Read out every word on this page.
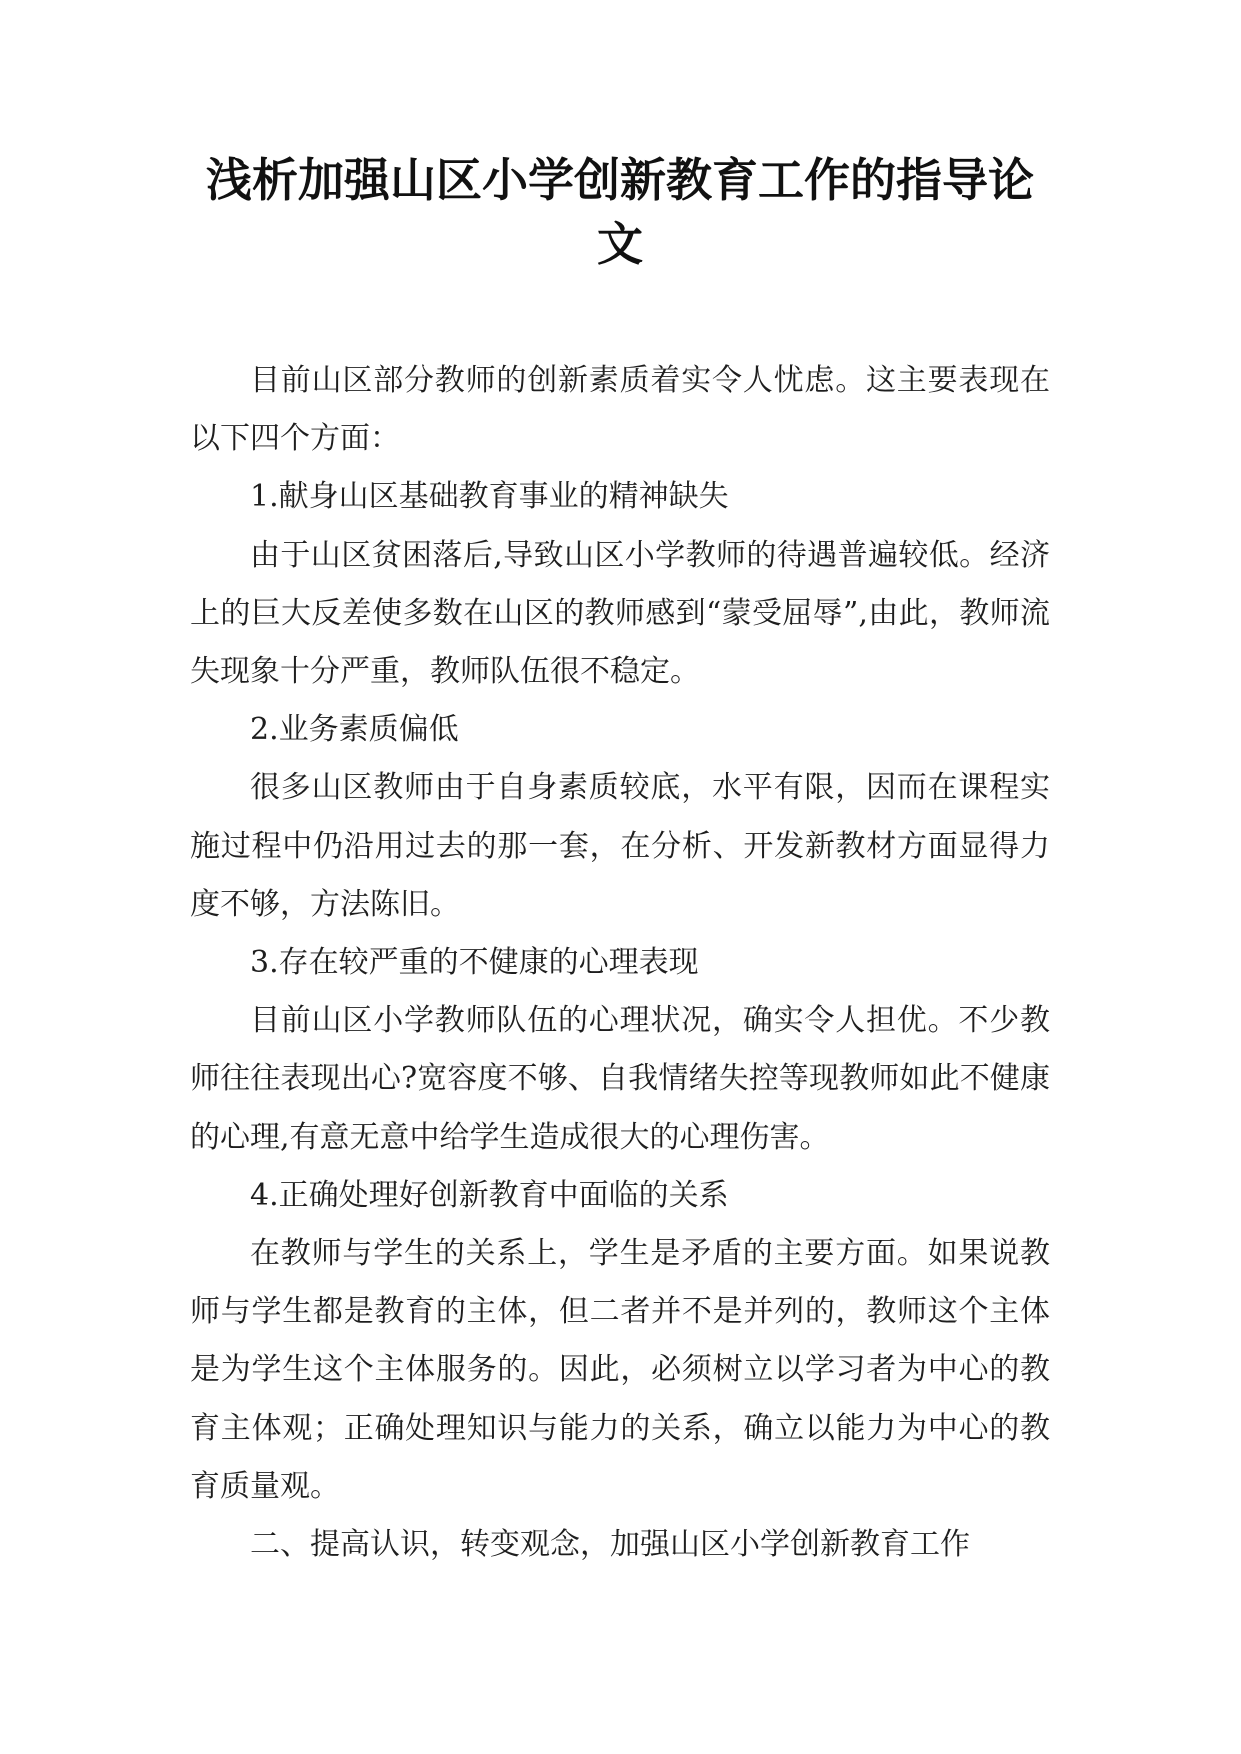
浅析加强山区小学创新教育工作的指导论文

目前山区部分教师的创新素质着实令人忧虑。这主要表现在以下四个方面：

1.献身山区基础教育事业的精神缺失

由于山区贫困落后,导致山区小学教师的待遇普遍较低。经济上的巨大反差使多数在山区的教师感到“蒙受屈辱”,由此，教师流失现象十分严重，教师队伍很不稳定。

2.业务素质偏低

很多山区教师由于自身素质较底，水平有限，因而在课程实施过程中仍沿用过去的那一套，在分析、开发新教材方面显得力度不够，方法陈旧。

3.存在较严重的不健康的心理表现

目前山区小学教师队伍的心理状况，确实令人担优。不少教师往往表现出心?宽容度不够、自我情绪失控等现教师如此不健康的心理,有意无意中给学生造成很大的心理伤害。

4.正确处理好创新教育中面临的关系

在教师与学生的关系上，学生是矛盾的主要方面。如果说教师与学生都是教育的主体，但二者并不是并列的，教师这个主体是为学生这个主体服务的。因此，必须树立以学习者为中心的教育主体观；正确处理知识与能力的关系，确立以能力为中心的教育质量观。

二、提高认识，转变观念，加强山区小学创新教育工作
